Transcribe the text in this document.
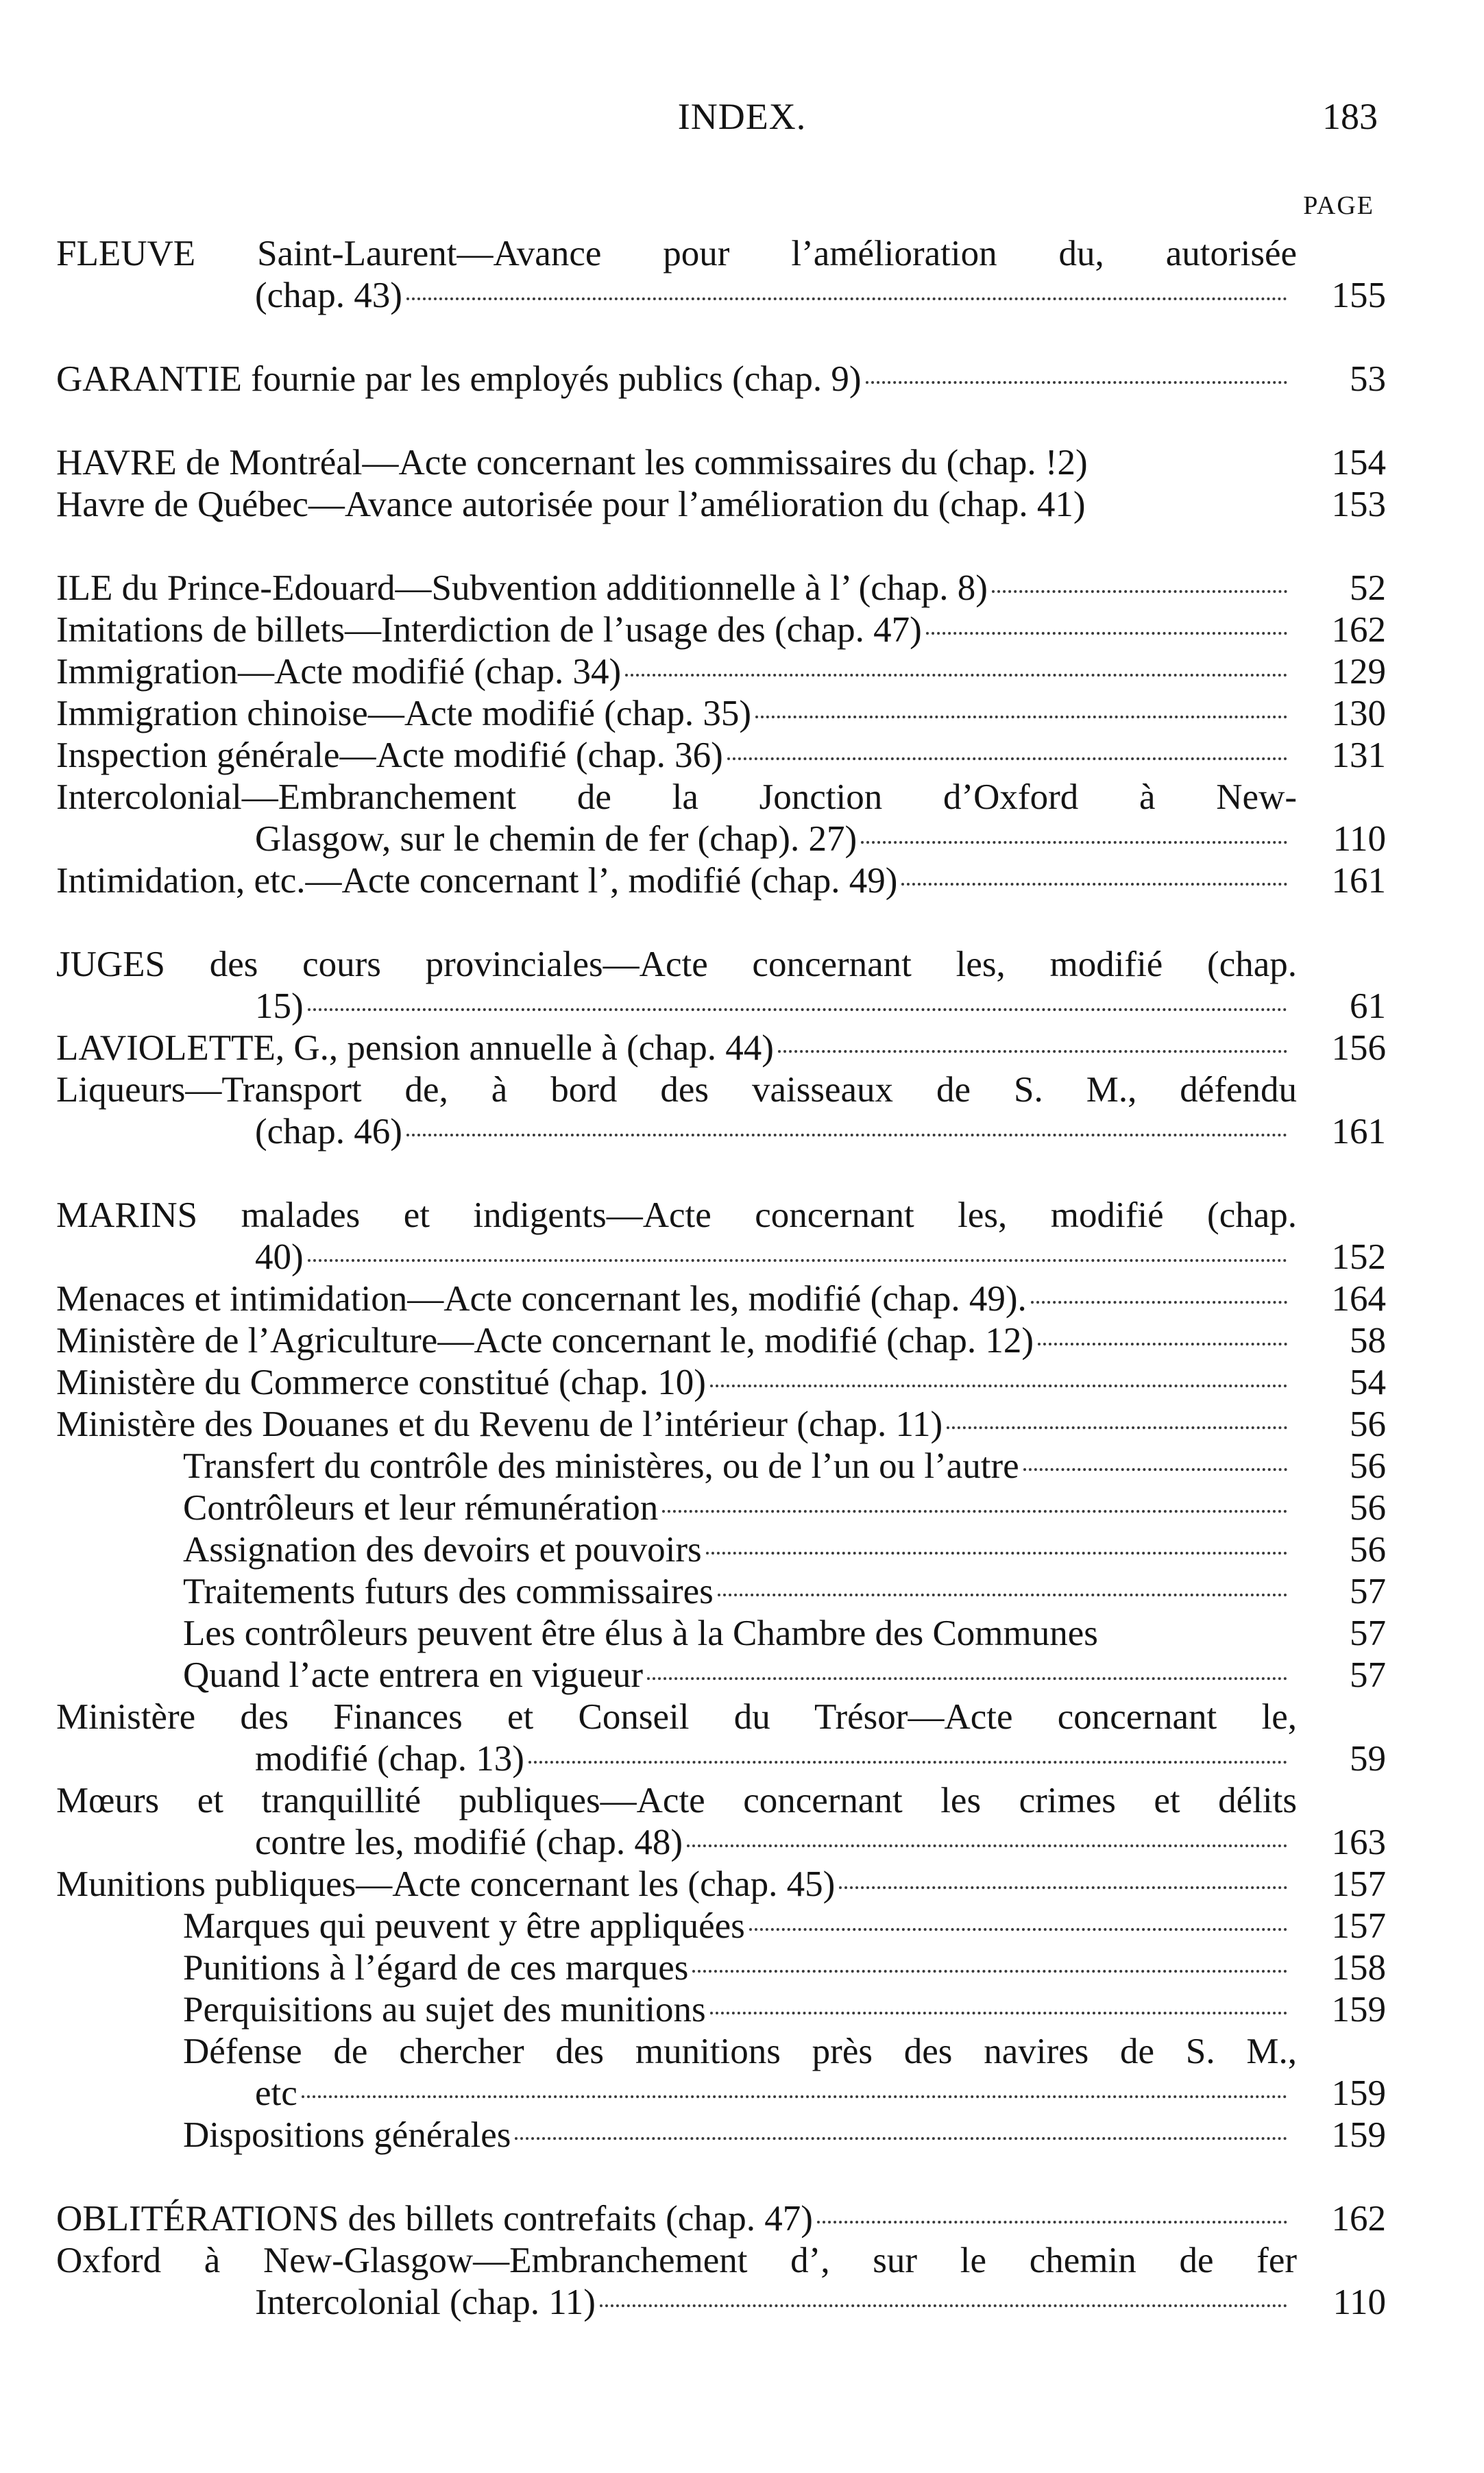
INDEX.	183
PAGE
FLEUVE Saint-Laurent—Avance pour l’amélioration du, autorisée
(chap. 43)	155
GARANTIE fournie par les employés publics (chap. 9)	53
HAVRE de Montréal—Acte concernant les commissaires du (chap. !2)	154
Havre de Québec—Avance autorisée pour l’amélioration du (chap. 41)	153
ILE du Prince-Edouard—Subvention additionnelle à l’ (chap. 8)	52
Imitations de billets—Interdiction de l’usage des (chap. 47)	162
Immigration—Acte modifié (chap. 34)	129
Immigration chinoise—Acte modifié (chap. 35)	130
Inspection générale—Acte modifié (chap. 36)	131
Intercolonial—Embranchement de la Jonction d’Oxford à New-
Glasgow, sur le chemin de fer (chap). 27)	110
Intimidation, etc.—Acte concernant l’, modifié (chap. 49)	161
JUGES des cours provinciales—Acte concernant les, modifié (chap.
15)	61
LAVIOLETTE, G., pension annuelle à (chap. 44)	156
Liqueurs—Transport de, à bord des vaisseaux de S. M., défendu
(chap. 46)	161
MARINS malades et indigents—Acte concernant les, modifié (chap.
40)	152
Menaces et intimidation—Acte concernant les, modifié (chap. 49).	164
Ministère de l’Agriculture—Acte concernant le, modifié (chap. 12)	58
Ministère du Commerce constitué (chap. 10)	54
Ministère des Douanes et du Revenu de l’intérieur (chap. 11)	56
Transfert du contrôle des ministères, ou de l’un ou l’autre	56
Contrôleurs et leur rémunération	56
Assignation des devoirs et pouvoirs	56
Traitements futurs des commissaires	57
Les contrôleurs peuvent être élus à la Chambre des Communes	57
Quand l’acte entrera en vigueur	57
Ministère des Finances et Conseil du Trésor—Acte concernant le,
modifié (chap. 13)	59
Mœurs et tranquillité publiques—Acte concernant les crimes et délits
contre les, modifié (chap. 48)	163
Munitions publiques—Acte concernant les (chap. 45)	157
Marques qui peuvent y être appliquées	157
Punitions à l’égard de ces marques	158
Perquisitions au sujet des munitions	159
Défense de chercher des munitions près des navires de S. M.,
etc	159
Dispositions générales	159
OBLITÉRATIONS des billets contrefaits (chap. 47)	162
Oxford à New-Glasgow—Embranchement d’, sur le chemin de fer
Intercolonial (chap. 11)	110
